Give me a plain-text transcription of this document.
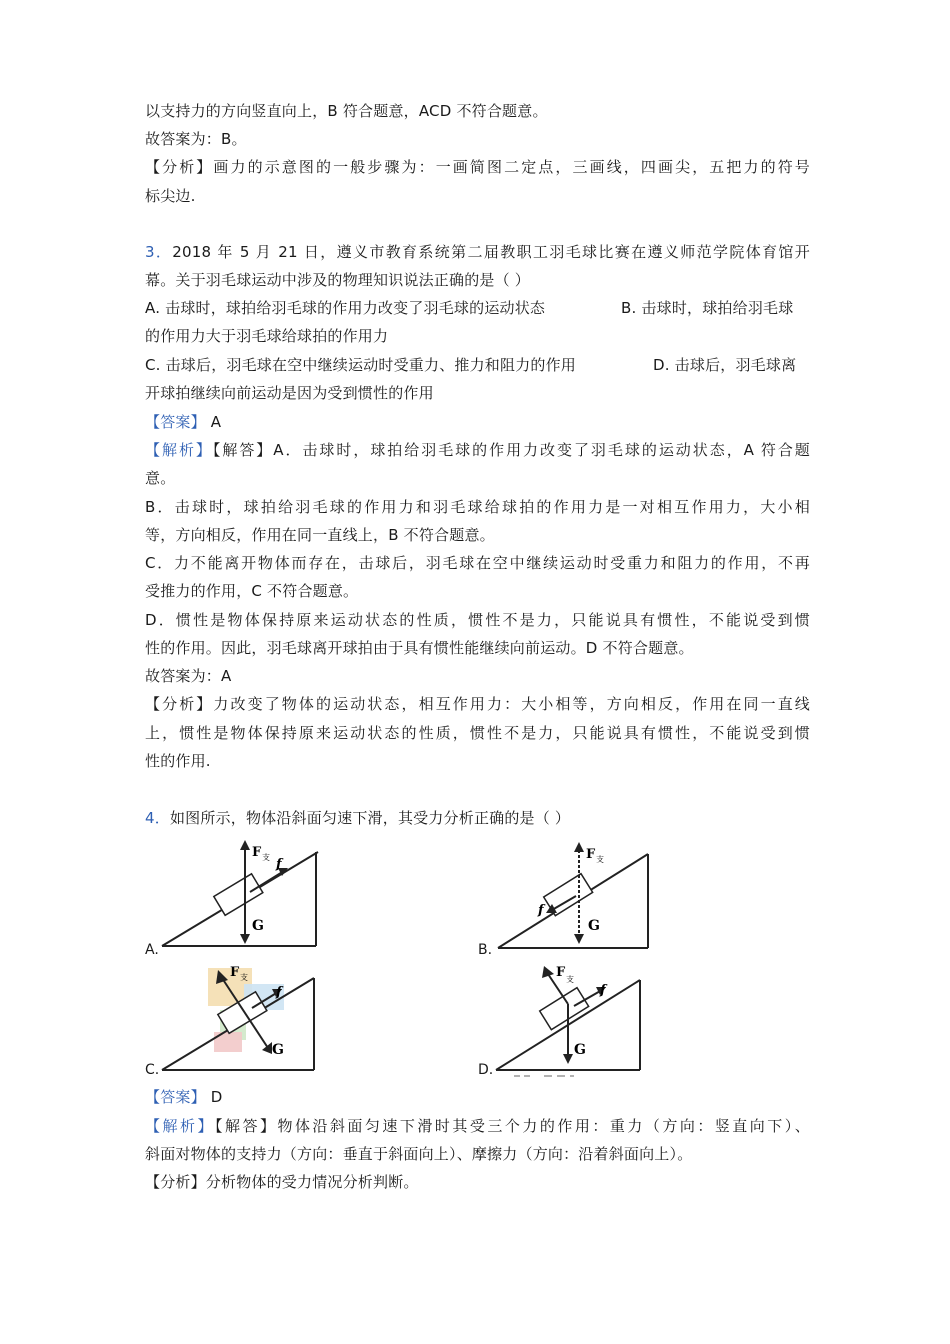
以支持力的方向竖直向上，B 符合题意，ACD 不符合题意。
故答案为：B。
【分析】画力的示意图的一般步骤为：一画简图二定点，三画线，四画尖，五把力的符号
标尖边.
3．2018 年 5 月 21 日，遵义市教育系统第二届教职工羽毛球比赛在遵义师范学院体育馆开
幕。关于羽毛球运动中涉及的物理知识说法正确的是（ ）
A. 击球时，球拍给羽毛球的作用力改变了羽毛球的运动状态	B. 击球时，球拍给羽毛球
的作用力大于羽毛球给球拍的作用力
C. 击球后，羽毛球在空中继续运动时受重力、推力和阻力的作用	D. 击球后，羽毛球离
开球拍继续向前运动是因为受到惯性的作用
【答案】 A
【解析】【解答】A．击球时，球拍给羽毛球的作用力改变了羽毛球的运动状态，A 符合题
意。
B．击球时，球拍给羽毛球的作用力和羽毛球给球拍的作用力是一对相互作用力，大小相
等，方向相反，作用在同一直线上，B 不符合题意。
C．力不能离开物体而存在，击球后，羽毛球在空中继续运动时受重力和阻力的作用，不再
受推力的作用，C 不符合题意。
D．惯性是物体保持原来运动状态的性质，惯性不是力，只能说具有惯性，不能说受到惯
性的作用。因此，羽毛球离开球拍由于具有惯性能继续向前运动。D 不符合题意。
故答案为：A
【分析】力改变了物体的运动状态，相互作用力：大小相等，方向相反，作用在同一直线
上，惯性是物体保持原来运动状态的性质，惯性不是力，只能说具有惯性，不能说受到惯
性的作用.
4．如图所示，物体沿斜面匀速下滑，其受力分析正确的是（ ）
A.
F 支 f
G
B.
F 支
f
G
C.
F 支
f
G
D.
F 支
f
G
【答案】 D
【解析】【解答】物体沿斜面匀速下滑时其受三个力的作用：重力（方向：竖直向下）、
斜面对物体的支持力（方向：垂直于斜面向上）、摩擦力（方向：沿着斜面向上）。
【分析】分析物体的受力情况分析判断。
